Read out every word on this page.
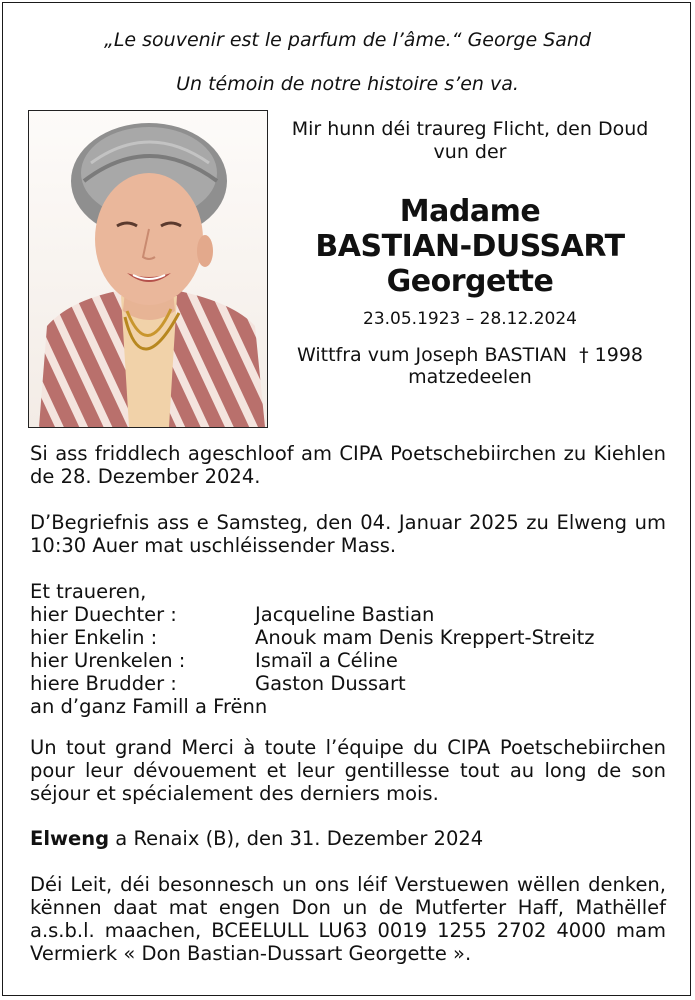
„Le souvenir est le parfum de l’âme.“ George Sand
Un témoin de notre histoire s’en va.
Mir hunn déi traureg Flicht, den Doud
vun der
Madame
BASTIAN-DUSSART
Georgette
23.05.1923 – 28.12.2024
Wittfra vum Joseph BASTIAN  † 1998
matzedeelen
Si ass friddlech ageschloof am CIPA Poetschebiirchen zu Kiehlen de 28. Dezember 2024.
D’Begriefnis ass e Samsteg, den 04. Januar 2025 zu Elweng um 10:30 Auer mat uschléissender Mass.
Et traueren,
hier Duechter :	Jacqueline Bastian
hier Enkelin :	Anouk mam Denis Kreppert-Streitz
hier Urenkelen :	Ismaïl a Céline
hiere Brudder :	Gaston Dussart
an d’ganz Famill a Frënn
Un tout grand Merci à toute l’équipe du CIPA Poetschebiirchen pour leur dévouement et leur gentillesse tout au long de son séjour et spécialement des derniers mois.
Elweng a Renaix (B), den 31. Dezember 2024
Déi Leit, déi besonnesch un ons léif Verstuewen wëllen denken, kënnen daat mat engen Don un de Mutferter Haff, Mathëllef a.s.b.l. maachen, BCEELULL LU63 0019 1255 2702 4000 mam Vermierk « Don Bastian-Dussart Georgette ».
